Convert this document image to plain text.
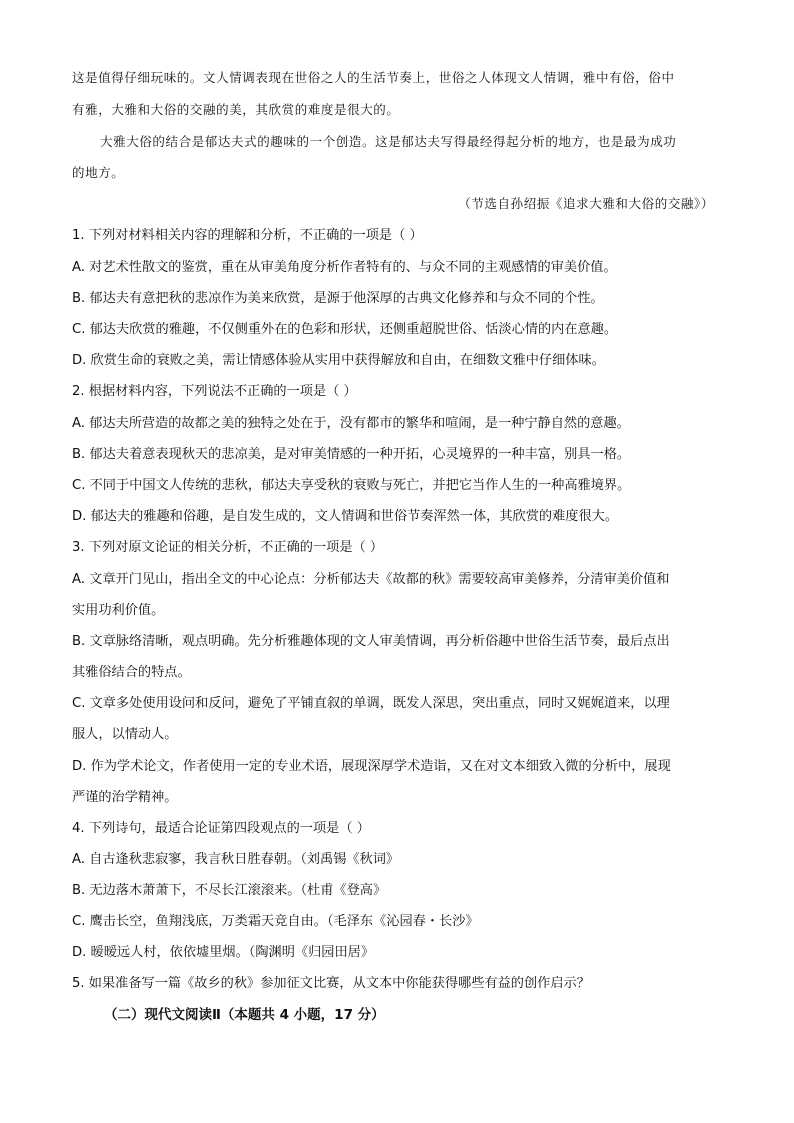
这是值得仔细玩味的。文人情调表现在世俗之人的生活节奏上，世俗之人体现文人情调，雅中有俗，俗中
有雅，大雅和大俗的交融的美，其欣赏的难度是很大的。
大雅大俗的结合是郁达夫式的趣味的一个创造。这是郁达夫写得最经得起分析的地方，也是最为成功
的地方。
（节选自孙绍振《追求大雅和大俗的交融》）
1. 下列对材料相关内容的理解和分析，不正确的一项是（ ）
A. 对艺术性散文的鉴赏，重在从审美角度分析作者特有的、与众不同的主观感情的审美价值。
B. 郁达夫有意把秋的悲凉作为美来欣赏，是源于他深厚的古典文化修养和与众不同的个性。
C. 郁达夫欣赏的雅趣，不仅侧重外在的色彩和形状，还侧重超脱世俗、恬淡心情的内在意趣。
D. 欣赏生命的衰败之美，需让情感体验从实用中获得解放和自由，在细数文雅中仔细体味。
2. 根据材料内容，下列说法不正确的一项是（ ）
A. 郁达夫所营造的故都之美的独特之处在于，没有都市的繁华和喧闹，是一种宁静自然的意趣。
B. 郁达夫着意表现秋天的悲凉美，是对审美情感的一种开拓，心灵境界的一种丰富，别具一格。
C. 不同于中国文人传统的悲秋，郁达夫享受秋的衰败与死亡，并把它当作人生的一种高雅境界。
D. 郁达夫的雅趣和俗趣，是自发生成的，文人情调和世俗节奏浑然一体，其欣赏的难度很大。
3. 下列对原文论证的相关分析，不正确的一项是（ ）
A. 文章开门见山，指出全文的中心论点：分析郁达夫《故都的秋》需要较高审美修养，分清审美价值和
实用功利价值。
B. 文章脉络清晰，观点明确。先分析雅趣体现的文人审美情调，再分析俗趣中世俗生活节奏，最后点出
其雅俗结合的特点。
C. 文章多处使用设问和反问，避免了平铺直叙的单调，既发人深思，突出重点，同时又娓娓道来，以理
服人，以情动人。
D. 作为学术论文，作者使用一定的专业术语，展现深厚学术造诣，又在对文本细致入微的分析中，展现
严谨的治学精神。
4. 下列诗句，最适合论证第四段观点的一项是（ ）
A. 自古逢秋悲寂寥，我言秋日胜春朝。（刘禹锡《秋词》
B. 无边落木萧萧下，不尽长江滚滚来。（杜甫《登高》
C. 鹰击长空，鱼翔浅底，万类霜天竞自由。（毛泽东《沁园春・长沙》
D. 暧暧远人村，依依墟里烟。（陶渊明《归园田居》
5. 如果准备写一篇《故乡的秋》参加征文比赛，从文本中你能获得哪些有益的创作启示？
（二）现代文阅读Ⅱ（本题共 4 小题，17 分）
